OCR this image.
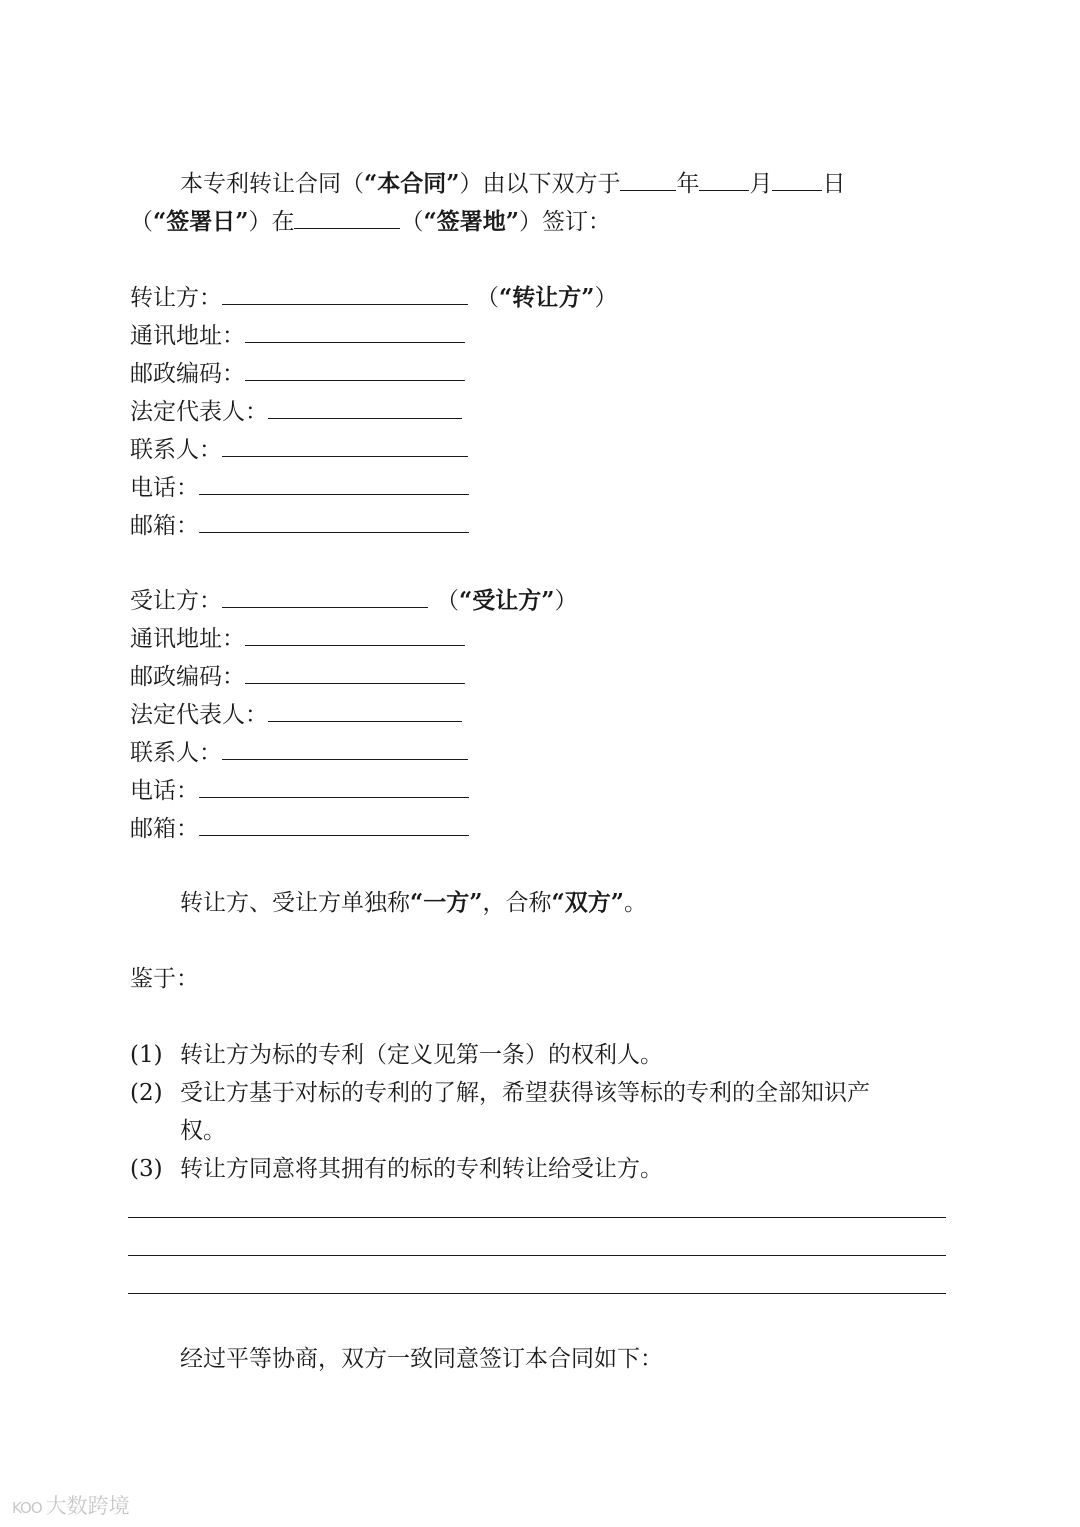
本专利转让合同（“本合同”）由以下双方于 年 月 日
（“签署日”）在	（“签署地”）签订：
转让方：	（“转让方”）
通讯地址：
邮政编码：
法定代表人：
联系人：
电话：
邮箱：
受让方：	（“受让方”）
通讯地址：
邮政编码：
法定代表人：
联系人：
电话：
邮箱：
转让方、受让方单独称“一方”，合称“双方”。
鉴于：
(1) 转让方为标的专利（定义见第一条）的权利人。
(2) 受让方基于对标的专利的了解，希望获得该等标的专利的全部知识产
权。
(3) 转让方同意将其拥有的标的专利转让给受让方。
经过平等协商，双方一致同意签订本合同如下：
KOO 大数跨境
